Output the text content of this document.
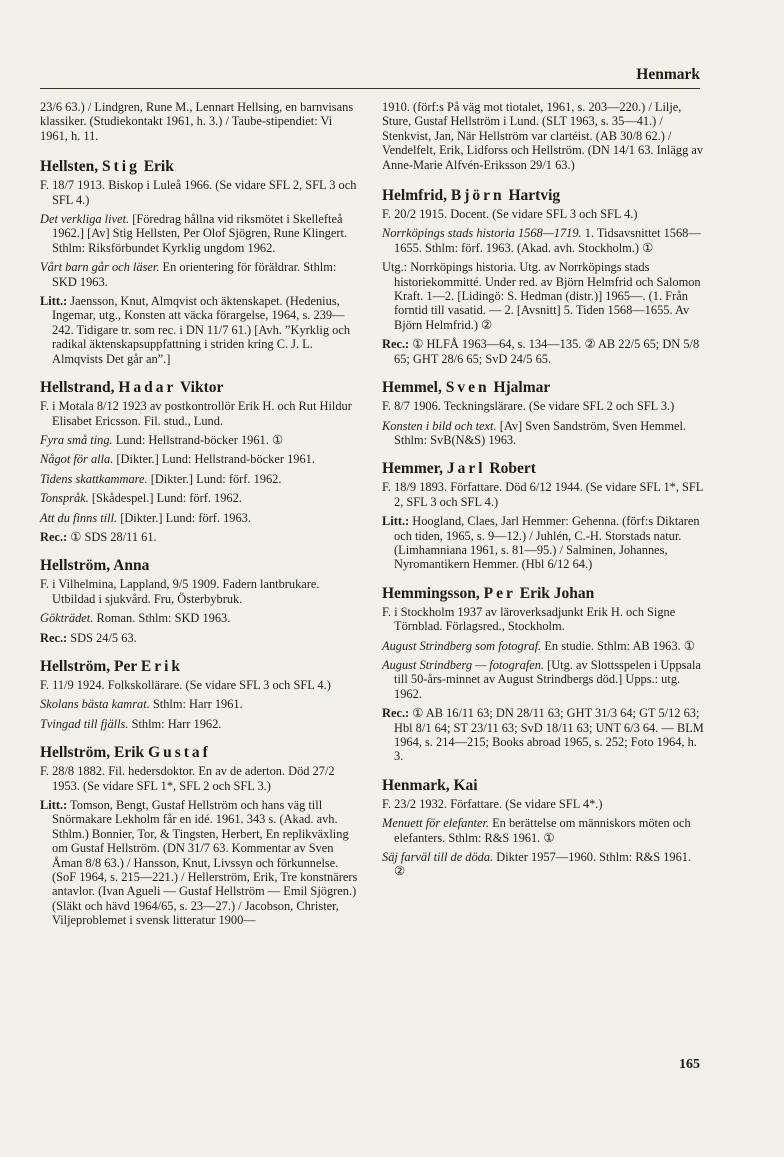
Henmark
23/6 63.) / Lindgren, Rune M., Lennart Hellsing, en barnvisans klassiker. (Studiekontakt 1961, h. 3.) / Taube-stipendiet: Vi 1961, h. 11.
Hellsten, Stig Erik
F. 18/7 1913. Biskop i Luleå 1966. (Se vidare SFL 2, SFL 3 och SFL 4.)
Det verkliga livet. [Föredrag hållna vid riksmötet i Skellefteå 1962.] [Av] Stig Hellsten, Per Olof Sjögren, Rune Klingert. Sthlm: Riksförbundet Kyrklig ungdom 1962.
Vårt barn går och läser. En orientering för föräldrar. Sthlm: SKD 1963.
Litt.: Jaensson, Knut, Almqvist och äktenskapet. (Hedenius, Ingemar, utg., Konsten att väcka förargelse, 1964, s. 239—242. Tidigare tr. som rec. i DN 11/7 61.) [Avh. ”Kyrklig och radikal äktenskapsuppfattning i striden kring C. J. L. Almqvists Det går an”.]
Hellstrand, Hadar Viktor
F. i Motala 8/12 1923 av postkontrollör Erik H. och Rut Hildur Elisabet Ericsson. Fil. stud., Lund.
Fyra små ting. Lund: Hellstrand-böcker 1961. ①
Något för alla. [Dikter.] Lund: Hellstrand-böcker 1961.
Tidens skattkammare. [Dikter.] Lund: förf. 1962.
Tonspråk. [Skådespel.] Lund: förf. 1962.
Att du finns till. [Dikter.] Lund: förf. 1963.
Rec.: ① SDS 28/11 61.
Hellström, Anna
F. i Vilhelmina, Lappland, 9/5 1909. Fadern lantbrukare. Utbildad i sjukvård. Fru, Österbybruk.
Gökträdet. Roman. Sthlm: SKD 1963.
Rec.: SDS 24/5 63.
Hellström, Per Erik
F. 11/9 1924. Folkskollärare. (Se vidare SFL 3 och SFL 4.)
Skolans bästa kamrat. Sthlm: Harr 1961.
Tvingad till fjälls. Sthlm: Harr 1962.
Hellström, Erik Gustaf
F. 28/8 1882. Fil. hedersdoktor. En av de aderton. Död 27/2 1953. (Se vidare SFL 1*, SFL 2 och SFL 3.)
Litt.: Tomson, Bengt, Gustaf Hellström och hans väg till Snörmakare Lekholm får en idé. 1961. 343 s. (Akad. avh. Sthlm.) Bonnier, Tor, & Tingsten, Herbert, En replikväxling om Gustaf Hellström. (DN 31/7 63. Kommentar av Sven Åman 8/8 63.) / Hansson, Knut, Livssyn och förkunnelse. (SoF 1964, s. 215—221.) / Hellerström, Erik, Tre konstnärers antavlor. (Ivan Agueli — Gustaf Hellström — Emil Sjögren.) (Släkt och hävd 1964/65, s. 23—27.) / Jacobson, Christer, Viljeproblemet i svensk litteratur 1900—
1910. (förf:s På väg mot tiotalet, 1961, s. 203—220.) / Lilje, Sture, Gustaf Hellström i Lund. (SLT 1963, s. 35—41.) / Stenkvist, Jan, När Hellström var clartéist. (AB 30/8 62.) / Vendelfelt, Erik, Lidforss och Hellström. (DN 14/1 63. Inlägg av Anne-Marie Alfvén-Eriksson 29/1 63.)
Helmfrid, Björn Hartvig
F. 20/2 1915. Docent. (Se vidare SFL 3 och SFL 4.)
Norrköpings stads historia 1568—1719. 1. Tidsavsnittet 1568—1655. Sthlm: förf. 1963. (Akad. avh. Stockholm.) ①
Utg.: Norrköpings historia. Utg. av Norrköpings stads historiekommitté. Under red. av Björn Helmfrid och Salomon Kraft. 1—2. [Lidingö: S. Hedman (distr.)] 1965—. (1. Från forntid till vasatid. — 2. [Avsnitt] 5. Tiden 1568—1655. Av Björn Helmfrid.) ②
Rec.: ① HLFÅ 1963—64, s. 134—135. ② AB 22/5 65; DN 5/8 65; GHT 28/6 65; SvD 24/5 65.
Hemmel, Sven Hjalmar
F. 8/7 1906. Teckningslärare. (Se vidare SFL 2 och SFL 3.)
Konsten i bild och text. [Av] Sven Sandström, Sven Hemmel. Sthlm: SvB(N&S) 1963.
Hemmer, Jarl Robert
F. 18/9 1893. Författare. Död 6/12 1944. (Se vidare SFL 1*, SFL 2, SFL 3 och SFL 4.)
Litt.: Hoogland, Claes, Jarl Hemmer: Gehenna. (förf:s Diktaren och tiden, 1965, s. 9—12.) / Juhlén, C.-H. Storstads natur. (Limhamniana 1961, s. 81—95.) / Salminen, Johannes, Nyromantikern Hemmer. (Hbl 6/12 64.)
Hemmingsson, Per Erik Johan
F. i Stockholm 1937 av läroverksadjunkt Erik H. och Signe Törnblad. Förlagsred., Stockholm.
August Strindberg som fotograf. En studie. Sthlm: AB 1963. ①
August Strindberg — fotografen. [Utg. av Slottsspelen i Uppsala till 50-års-minnet av August Strindbergs död.] Upps.: utg. 1962.
Rec.: ① AB 16/11 63; DN 28/11 63; GHT 31/3 64; GT 5/12 63; Hbl 8/1 64; ST 23/11 63; SvD 18/11 63; UNT 6/3 64. — BLM 1964, s. 214—215; Books abroad 1965, s. 252; Foto 1964, h. 3.
Henmark, Kai
F. 23/2 1932. Författare. (Se vidare SFL 4*.)
Menuett för elefanter. En berättelse om människors möten och elefanters. Sthlm: R&S 1961. ①
Säj farväl till de döda. Dikter 1957—1960. Sthlm: R&S 1961. ②
165
